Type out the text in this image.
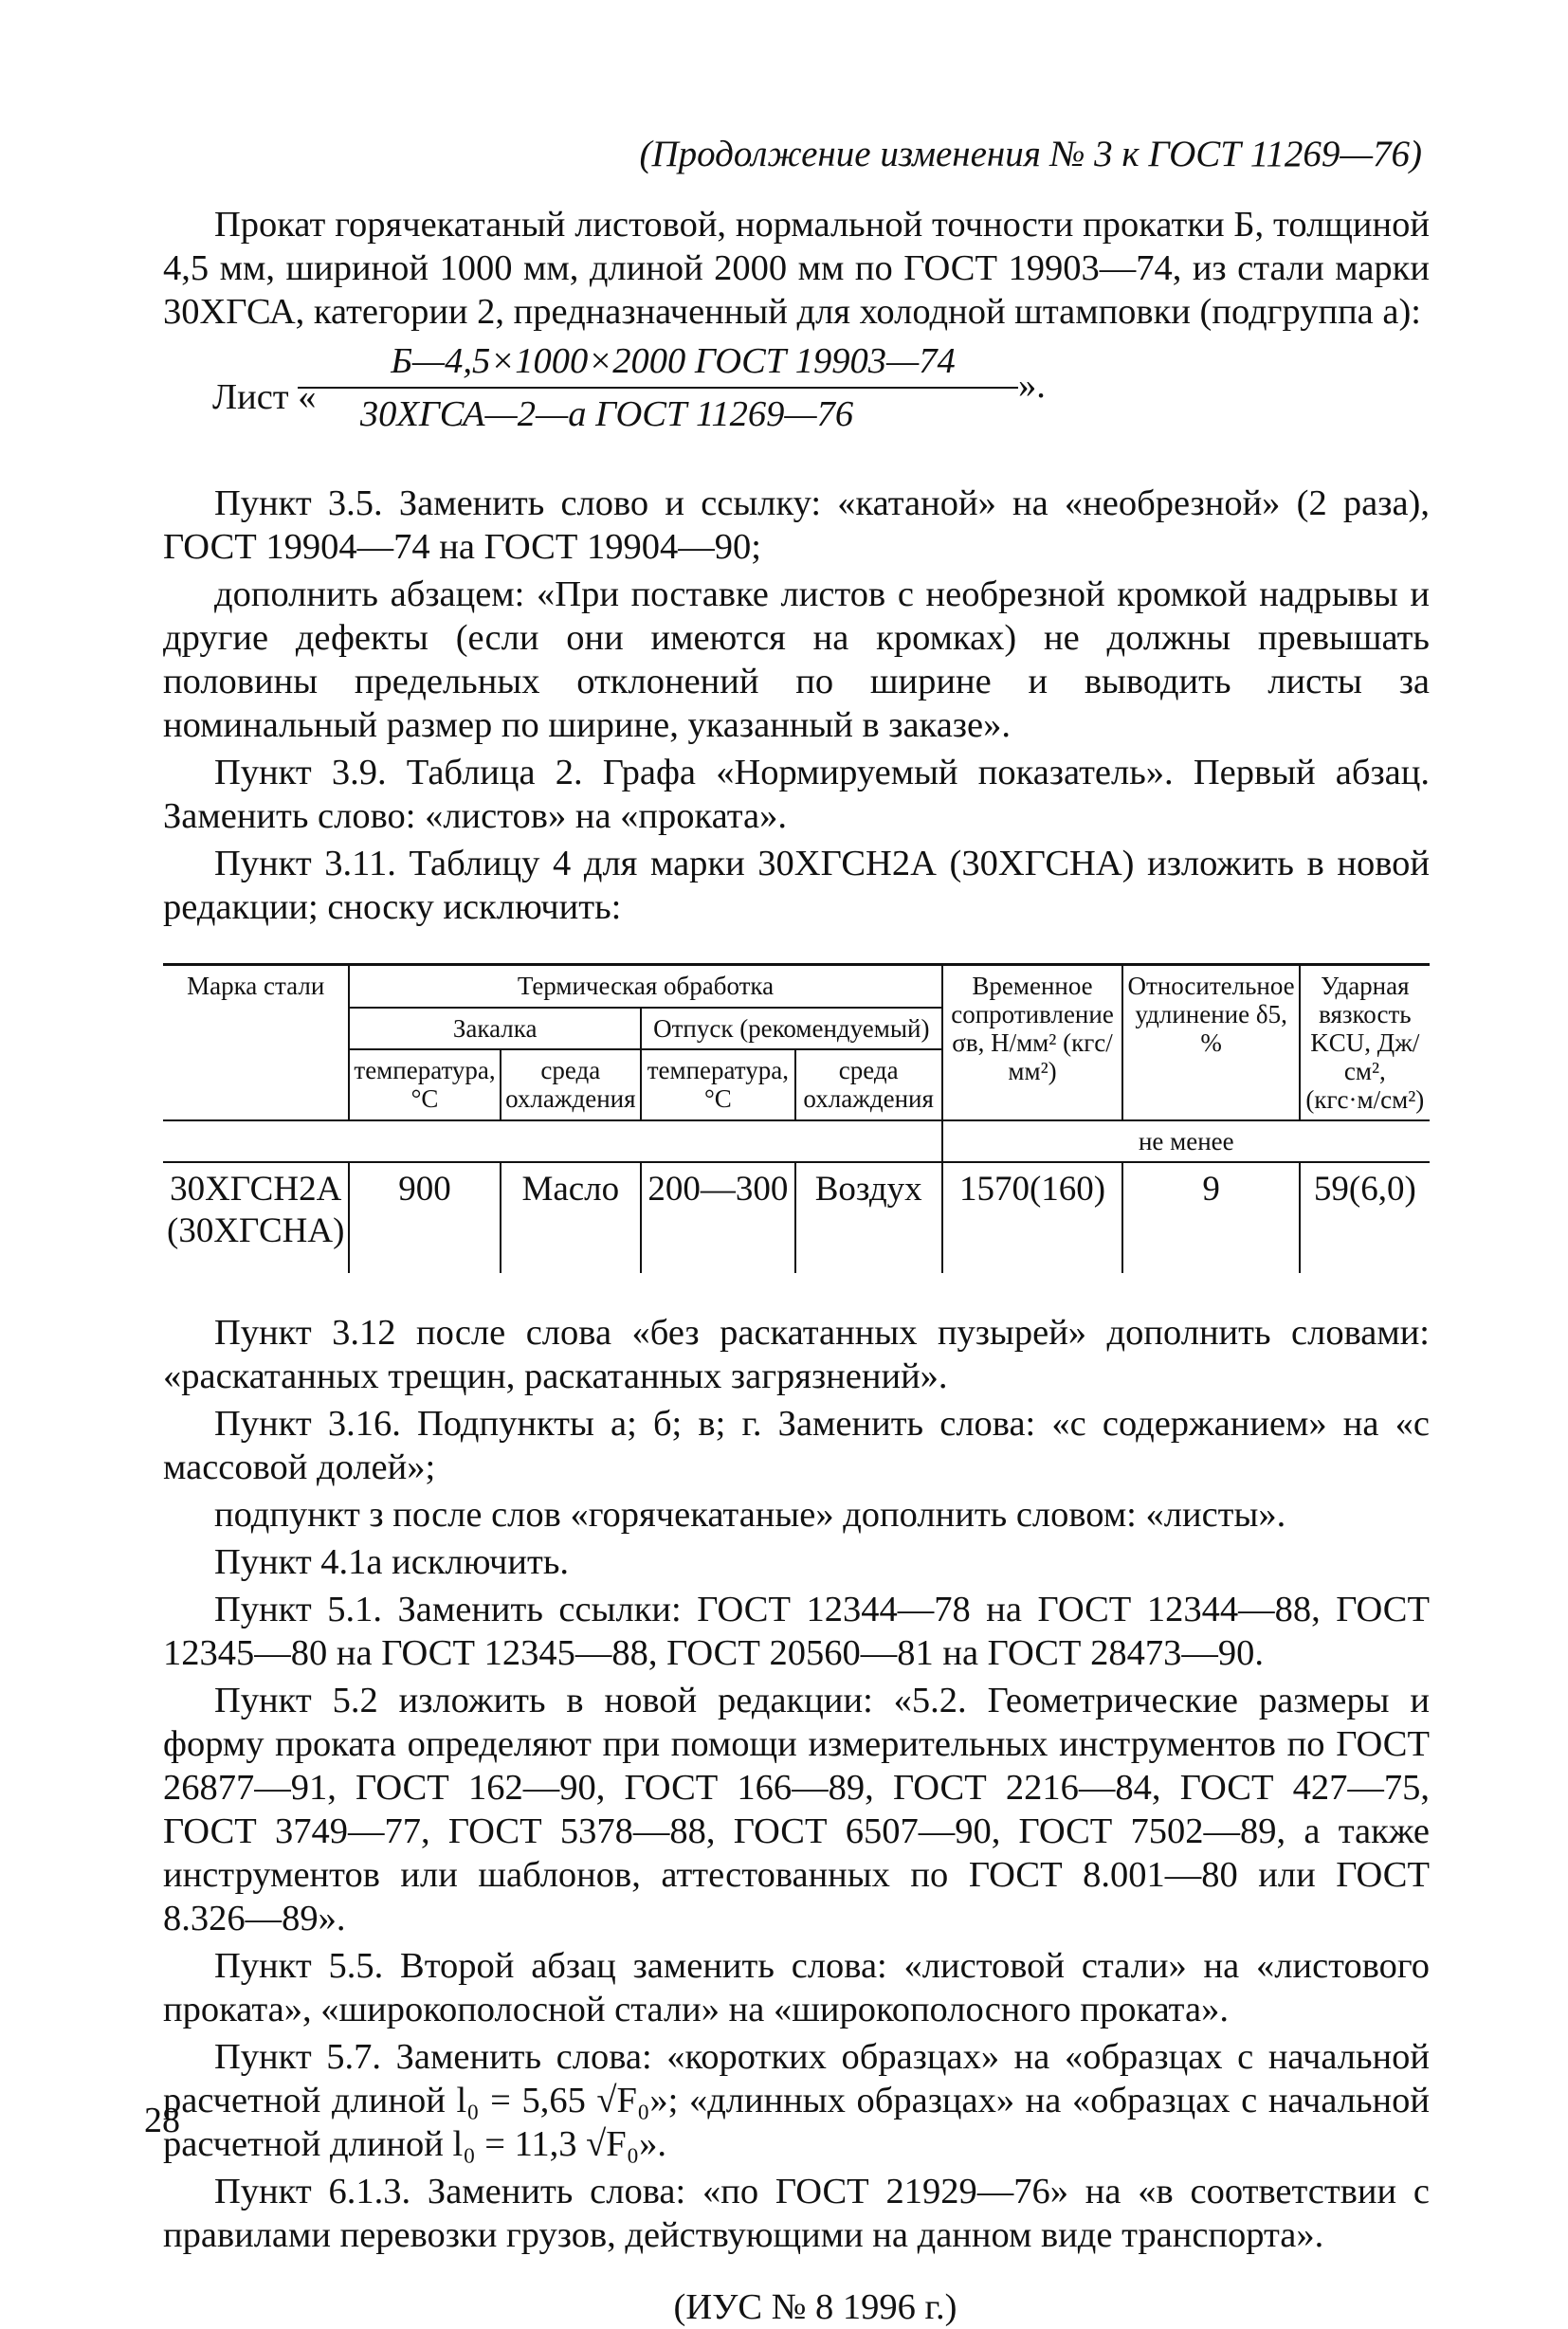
(Продолжение изменения № 3 к ГОСТ 11269—76)

Прокат горячекатаный листовой, нормальной точности прокатки Б, толщиной 4,5 мм, шириной 1000 мм, длиной 2000 мм по ГОСТ 19903—74, из стали марки 30ХГСА, категории 2, предназначенный для холодной штамповки (подгруппа а):

Лист «
Б—4,5×1000×2000 ГОСТ 19903—74
30ХГСА—2—а ГОСТ 11269—76
».

Пункт 3.5. Заменить слово и ссылку: «катаной» на «необрезной» (2 раза), ГОСТ 19904—74 на ГОСТ 19904—90;

дополнить абзацем: «При поставке листов с необрезной кромкой надрывы и другие дефекты (если они имеются на кромках) не должны превышать половины предельных отклонений по ширине и выводить листы за номинальный размер по ширине, указанный в заказе».

Пункт 3.9. Таблица 2. Графа «Нормируемый показатель». Первый абзац. Заменить слово: «листов» на «проката».

Пункт 3.11. Таблицу 4 для марки 30ХГСН2А (30ХГСНА) изложить в новой редакции; сноску исключить:

Марка стали	Термическая обработка				Временное сопротивление σв, Н/мм² (кгс/мм²)	Относительное удлинение δ5, %	Ударная вязкость KCU, Дж/см², (кгс·м/см²)
	Закалка		Отпуск (рекомендуемый)				
	температура, °С	среда охлаждения	температура, °С	среда охлаждения			
					не менее		
30ХГСН2А (30ХГСНА)	900	Масло	200—300	Воздух	1570(160)	9	59(6,0)

Пункт 3.12 после слова «без раскатанных пузырей» дополнить словами: «раскатанных трещин, раскатанных загрязнений».

Пункт 3.16. Подпункты а; б; в; г. Заменить слова: «с содержанием» на «с массовой долей»;

подпункт з после слов «горячекатаные» дополнить словом: «листы».

Пункт 4.1а исключить.

Пункт 5.1. Заменить ссылки: ГОСТ 12344—78 на ГОСТ 12344—88, ГОСТ 12345—80 на ГОСТ 12345—88, ГОСТ 20560—81 на ГОСТ 28473—90.

Пункт 5.2 изложить в новой редакции: «5.2. Геометрические размеры и форму проката определяют при помощи измерительных инструментов по ГОСТ 26877—91, ГОСТ 162—90, ГОСТ 166—89, ГОСТ 2216—84, ГОСТ 427—75, ГОСТ 3749—77, ГОСТ 5378—88, ГОСТ 6507—90, ГОСТ 7502—89, а также инструментов или шаблонов, аттестованных по ГОСТ 8.001—80 или ГОСТ 8.326—89».

Пункт 5.5. Второй абзац заменить слова: «листовой стали» на «листового проката», «широкополосной стали» на «широкополосного проката».

Пункт 5.7. Заменить слова: «коротких образцах» на «образцах с начальной расчетной длиной l₀ = 5,65 √F₀»; «длинных образцах» на «образцах с начальной расчетной длиной l₀ = 11,3 √F₀».

Пункт 6.1.3. Заменить слова: «по ГОСТ 21929—76» на «в соответствии с правилами перевозки грузов, действующими на данном виде транспорта».

(ИУС № 8 1996 г.)
28
